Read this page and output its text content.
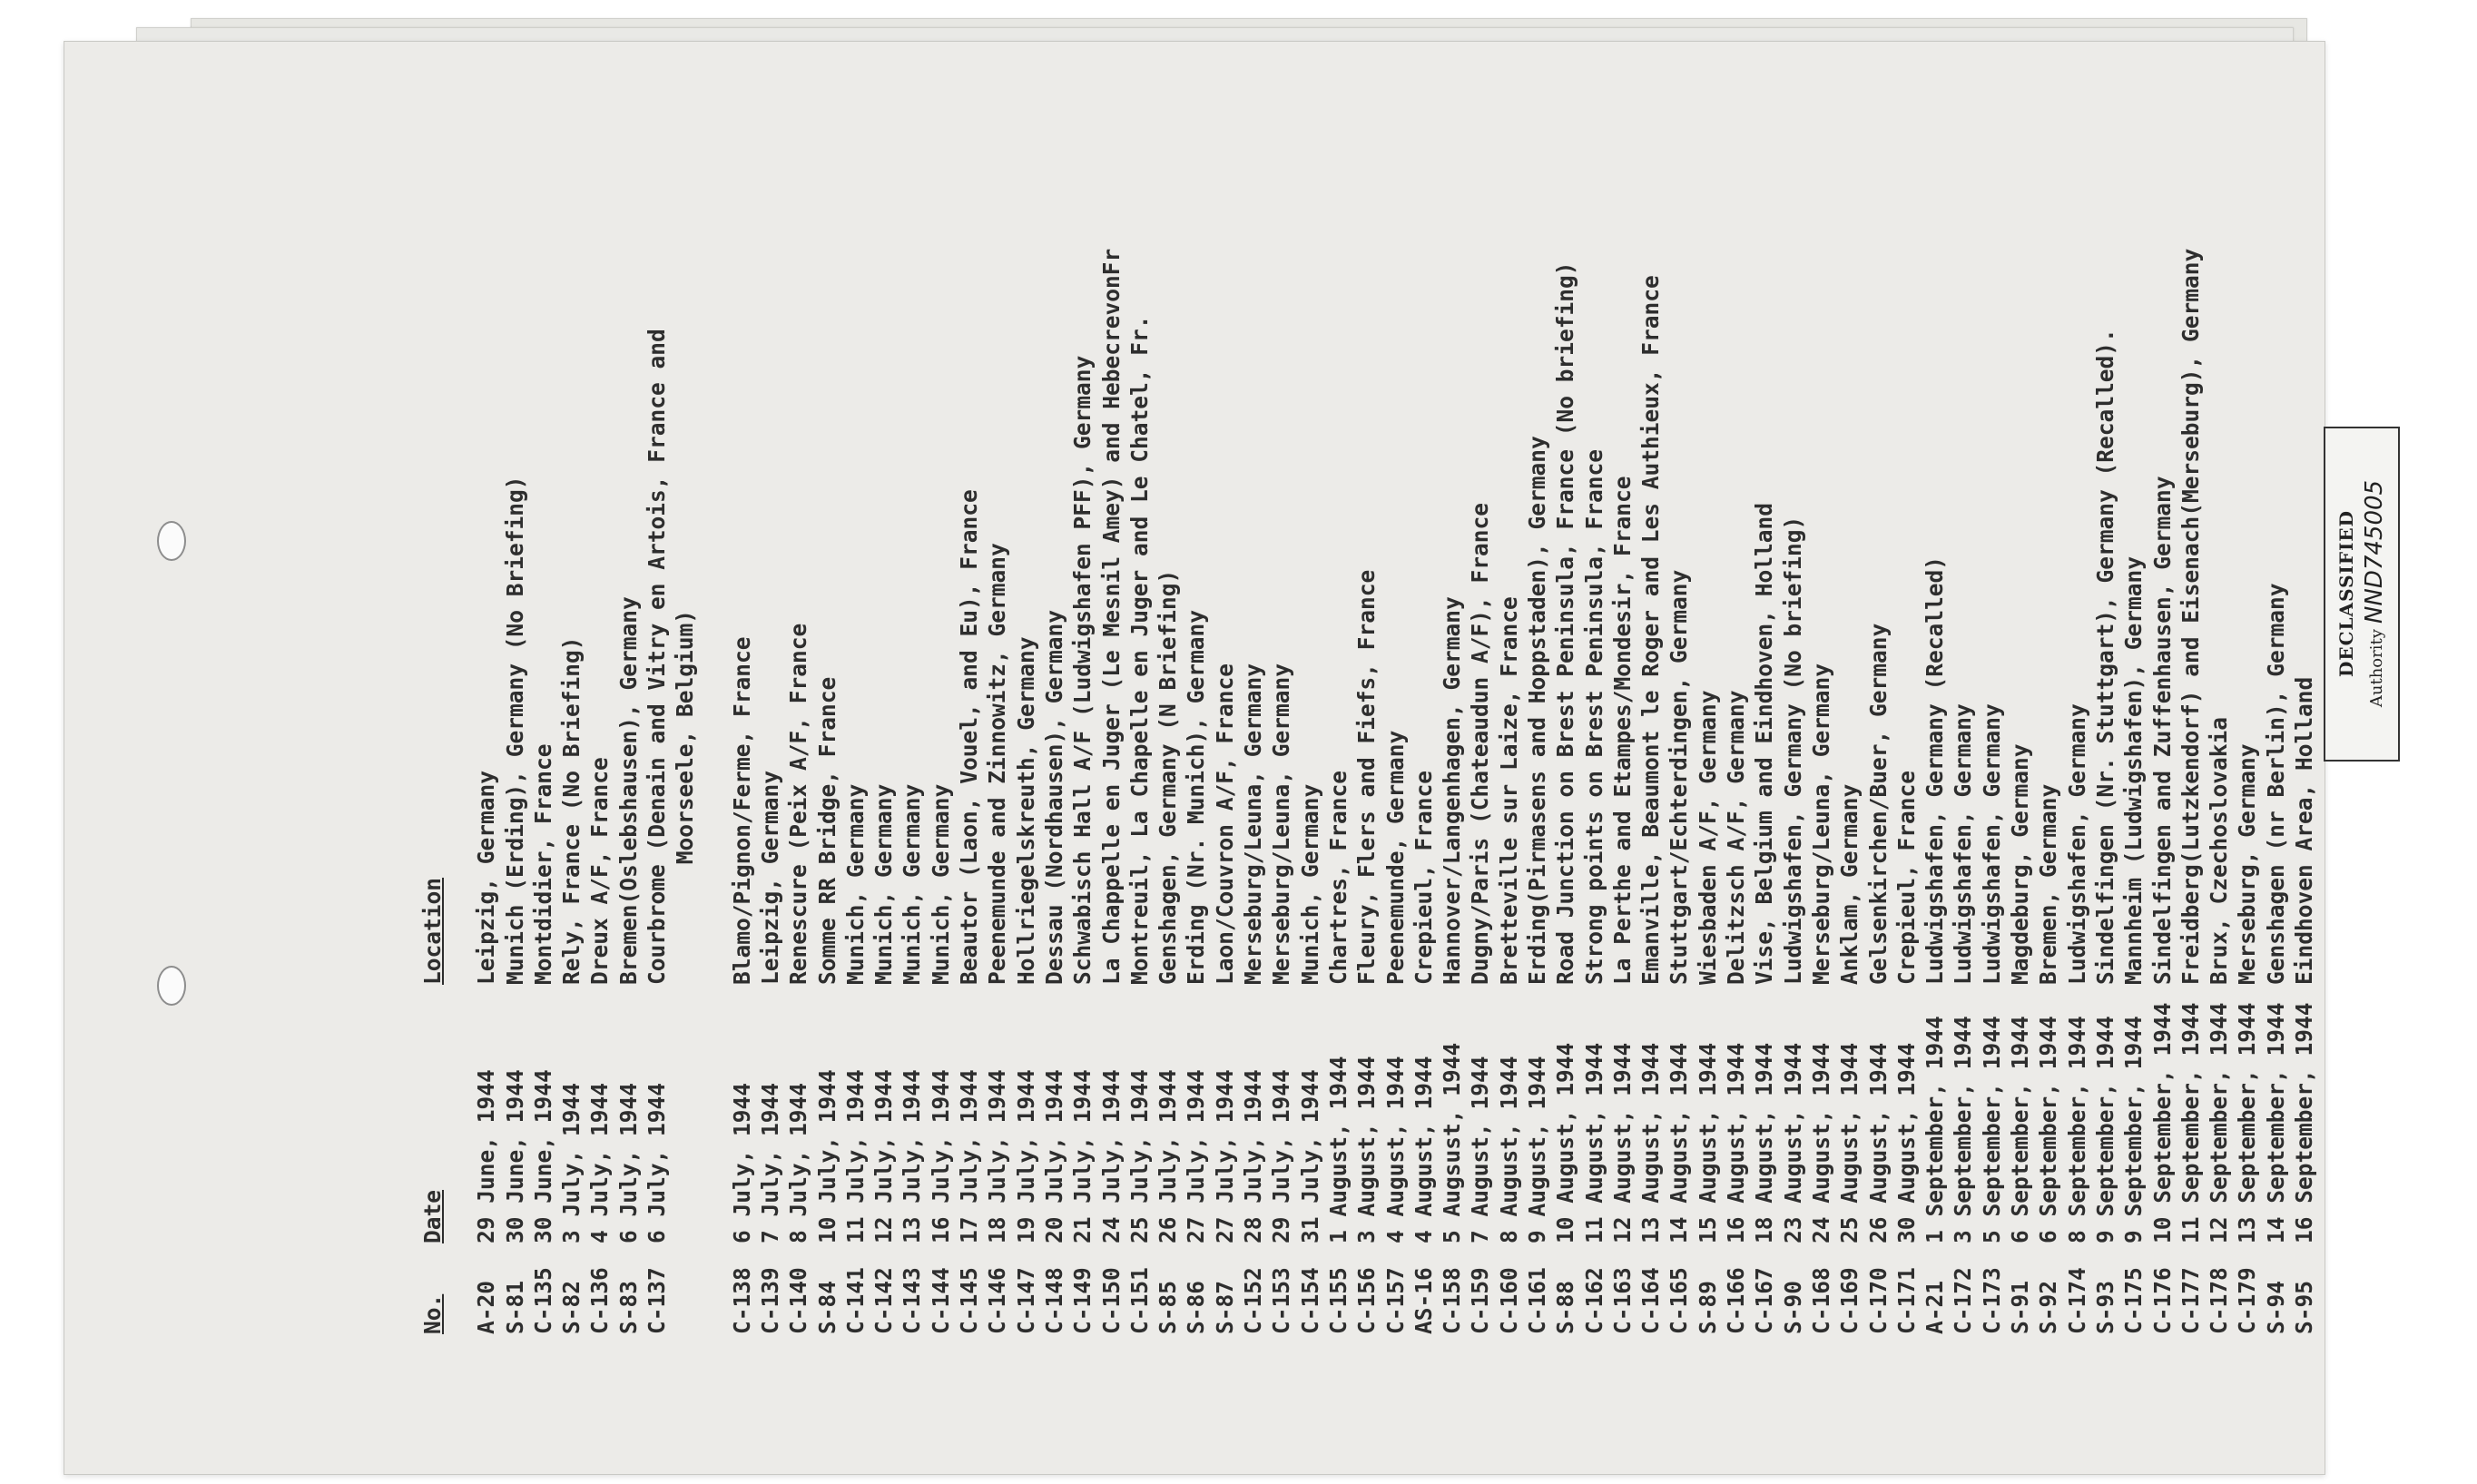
No.
Date
Location
A-20
29 June, 1944
Leipzig, Germany
S-81
30 June, 1944
Munich (Erding), Germany (No Briefing)
C-135
30 June, 1944
Montdidier, France
S-82
3 July, 1944
Rely, France (No Briefing)
C-136
4 July, 1944
Dreux A/F, France
S-83
6 July, 1944
Bremen(Oslebshausen), Germany
C-137
6 July, 1944
Courbrome (Denain and Vitry en Artois, France and Moorseele, Belgium)
C-138
6 July, 1944
Blamo/Pignon/Ferme, France
C-139
7 July, 1944
Leipzig, Germany
C-140
8 July, 1944
Renescure (Peix A/F, France
S-84
10 July, 1944
Somme RR Bridge, France
C-141
11 July, 1944
Munich, Germany
C-142
12 July, 1944
Munich, Germany
C-143
13 July, 1944
Munich, Germany
C-144
16 July, 1944
Munich, Germany
C-145
17 July, 1944
Beautor (Laon, Vouel, and Eu), France
C-146
18 July, 1944
Peenemunde and Zinnowitz, Germany
C-147
19 July, 1944
Hollriegelskreuth, Germany
C-148
20 July, 1944
Dessau (Nordhausen), Germany
C-149
21 July, 1944
Schwabisch Hall A/F (Ludwigshafen PFF), Germany
C-150
24 July, 1944
La Chappelle en Juger (Le Mesnil Amey) and HebecrevonFr
C-151
25 July, 1944
Montreuil, La Chapelle en Juger and Le Chatel, Fr.
S-85
26 July, 1944
Genshagen, Germany (N Briefing)
S-86
27 July, 1944
Erding (Nr. Munich), Germany
S-87
27 July, 1944
Laon/Couvron A/F, France
C-152
28 July, 1944
Merseburg/Leuna, Germany
C-153
29 July, 1944
Merseburg/Leuna, Germany
C-154
31 July, 1944
Munich, Germany
C-155
1 August, 1944
Chartres, France
C-156
3 August, 1944
Fleury, Flers and Fiefs, France
C-157
4 August, 1944
Peenemunde, Germany
AS-16
4 August, 1944
Crepieul, France
C-158
5 Augsust, 1944
Hannover/Langenhagen, Germany
C-159
7 August, 1944
Dugny/Paris (Chateaudun A/F), France
C-160
8 August, 1944
Bretteville sur Laize, France
C-161
9 August, 1944
Erding(Pirmasens and Hoppstaden), Germany
S-88
10 August, 1944
Road Junction on Brest Peninsula, France (No briefing)
C-162
11 August, 1944
Strong points on Brest Peninsula, France
C-163
12 August, 1944
La Perthe and Etampes/Mondesir, France
C-164
13 August, 1944
Emanville, Beaumont le Roger and Les Authieux, France
C-165
14 August, 1944
Stuttgart/Echterdingen, Germany
S-89
15 August, 1944
Wiesbaden A/F, Germany
C-166
16 August, 1944
Delitzsch A/F, Germany
C-167
18 August, 1944
Vise, Belgium and Eindhoven, Holland
S-90
23 August, 1944
Ludwigshafen, Germany (No briefing)
C-168
24 August, 1944
Merseburg/Leuna, Germany
C-169
25 August, 1944
Anklam, Germany
C-170
26 August, 1944
Gelsenkirchen/Buer, Germany
C-171
30 August, 1944
Crepieul, France
A-21
1 September, 1944
Ludwigshafen, Germany (Recalled)
C-172
3 September, 1944
Ludwigshafen, Germany
C-173
5 September, 1944
Ludwigshafen, Germany
S-91
6 September, 1944
Magdeburg, Germany
S-92
6 September, 1944
Bremen, Germany
C-174
8 September, 1944
Ludwigshafen, Germany
S-93
9 September, 1944
Sindelfingen (Nr. Stuttgart), Germany (Recalled).
C-175
9 September, 1944
Mannheim (Ludwigshafen), Germany
C-176
10 September, 1944
Sindelfingen and Zuffenhausen, Germany
C-177
11 September, 1944
Freidberg(Lutzkendorf) and Eisenach(Merseburg), Germany
C-178
12 September, 1944
Brux, Czechoslovakia
C-179
13 September, 1944
Merseburg, Germany
S-94
14 September, 1944
Genshagen (nr Berlin), Germany
S-95
16 September, 1944
Eindhoven Area, Holland
DECLASSIFIED AuthorityNND745005
